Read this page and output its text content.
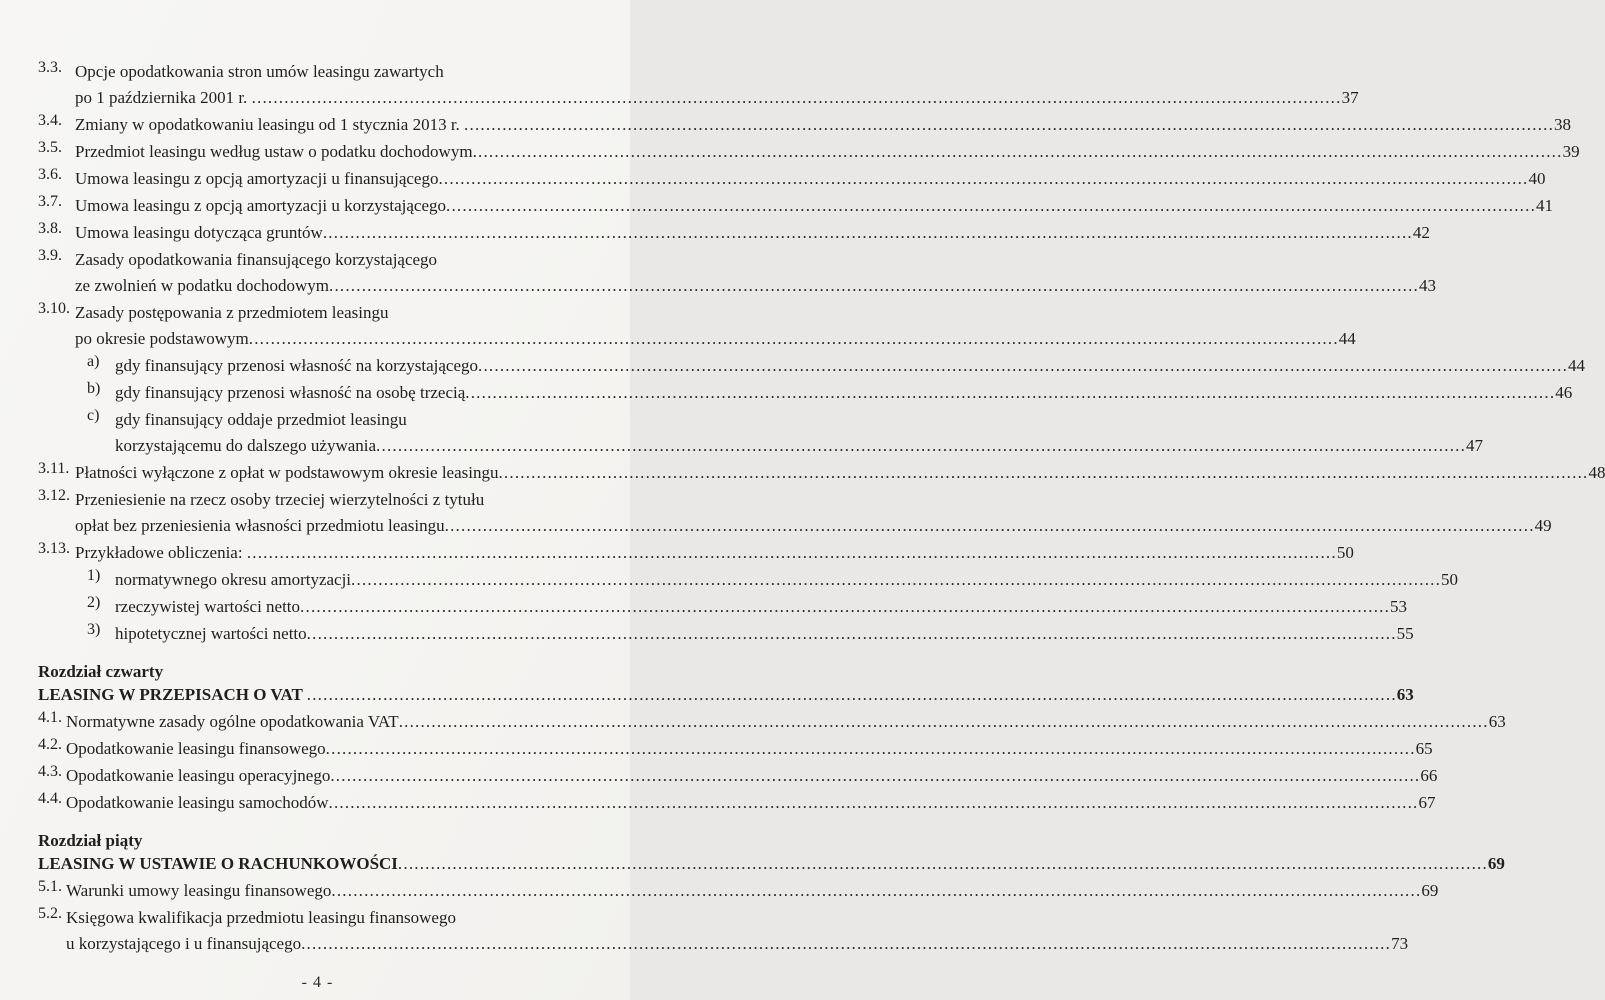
3.3. Opcje opodatkowania stron umów leasingu zawartych
po 1 października 2001 r. ........................................................................................................................................................................................................ 37
3.4. Zmiany w opodatkowaniu leasingu od 1 stycznia 2013 r. ........................................................................................................................................................................................................ 38
3.5. Przedmiot leasingu według ustaw o podatku dochodowym ........................................................................................................................................................................................................ 39
3.6. Umowa leasingu z opcją amortyzacji u finansującego ........................................................................................................................................................................................................ 40
3.7. Umowa leasingu z opcją amortyzacji u korzystającego ........................................................................................................................................................................................................ 41
3.8. Umowa leasingu dotycząca gruntów ........................................................................................................................................................................................................ 42
3.9. Zasady opodatkowania finansującego korzystającego
ze zwolnień w podatku dochodowym ........................................................................................................................................................................................................ 43
3.10. Zasady postępowania z przedmiotem leasingu
po okresie podstawowym ........................................................................................................................................................................................................ 44
a) gdy finansujący przenosi własność na korzystającego ........................................................................................................................................................................................................ 44
b) gdy finansujący przenosi własność na osobę trzecią ........................................................................................................................................................................................................ 46
c) gdy finansujący oddaje przedmiot leasingu
korzystającemu do dalszego używania ........................................................................................................................................................................................................ 47
3.11. Płatności wyłączone z opłat w podstawowym okresie leasingu ........................................................................................................................................................................................................ 48
3.12. Przeniesienie na rzecz osoby trzeciej wierzytelności z tytułu
opłat bez przeniesienia własności przedmiotu leasingu ........................................................................................................................................................................................................ 49
3.13. Przykładowe obliczenia: ........................................................................................................................................................................................................ 50
1) normatywnego okresu amortyzacji ........................................................................................................................................................................................................ 50
2) rzeczywistej wartości netto ........................................................................................................................................................................................................ 53
3) hipotetycznej wartości netto ........................................................................................................................................................................................................ 55
Rozdział czwarty
LEASING W PRZEPISACH O VAT ........................................................................................................................................................................................................ 63
4.1. Normatywne zasady ogólne opodatkowania VAT ........................................................................................................................................................................................................ 63
4.2. Opodatkowanie leasingu finansowego ........................................................................................................................................................................................................ 65
4.3. Opodatkowanie leasingu operacyjnego ........................................................................................................................................................................................................ 66
4.4. Opodatkowanie leasingu samochodów ........................................................................................................................................................................................................ 67
Rozdział piąty
LEASING W USTAWIE O RACHUNKOWOŚCI ........................................................................................................................................................................................................ 69
5.1. Warunki umowy leasingu finansowego ........................................................................................................................................................................................................ 69
5.2. Księgowa kwalifikacja przedmiotu leasingu finansowego
u korzystającego i u finansującego ........................................................................................................................................................................................................ 73
- 4 -
